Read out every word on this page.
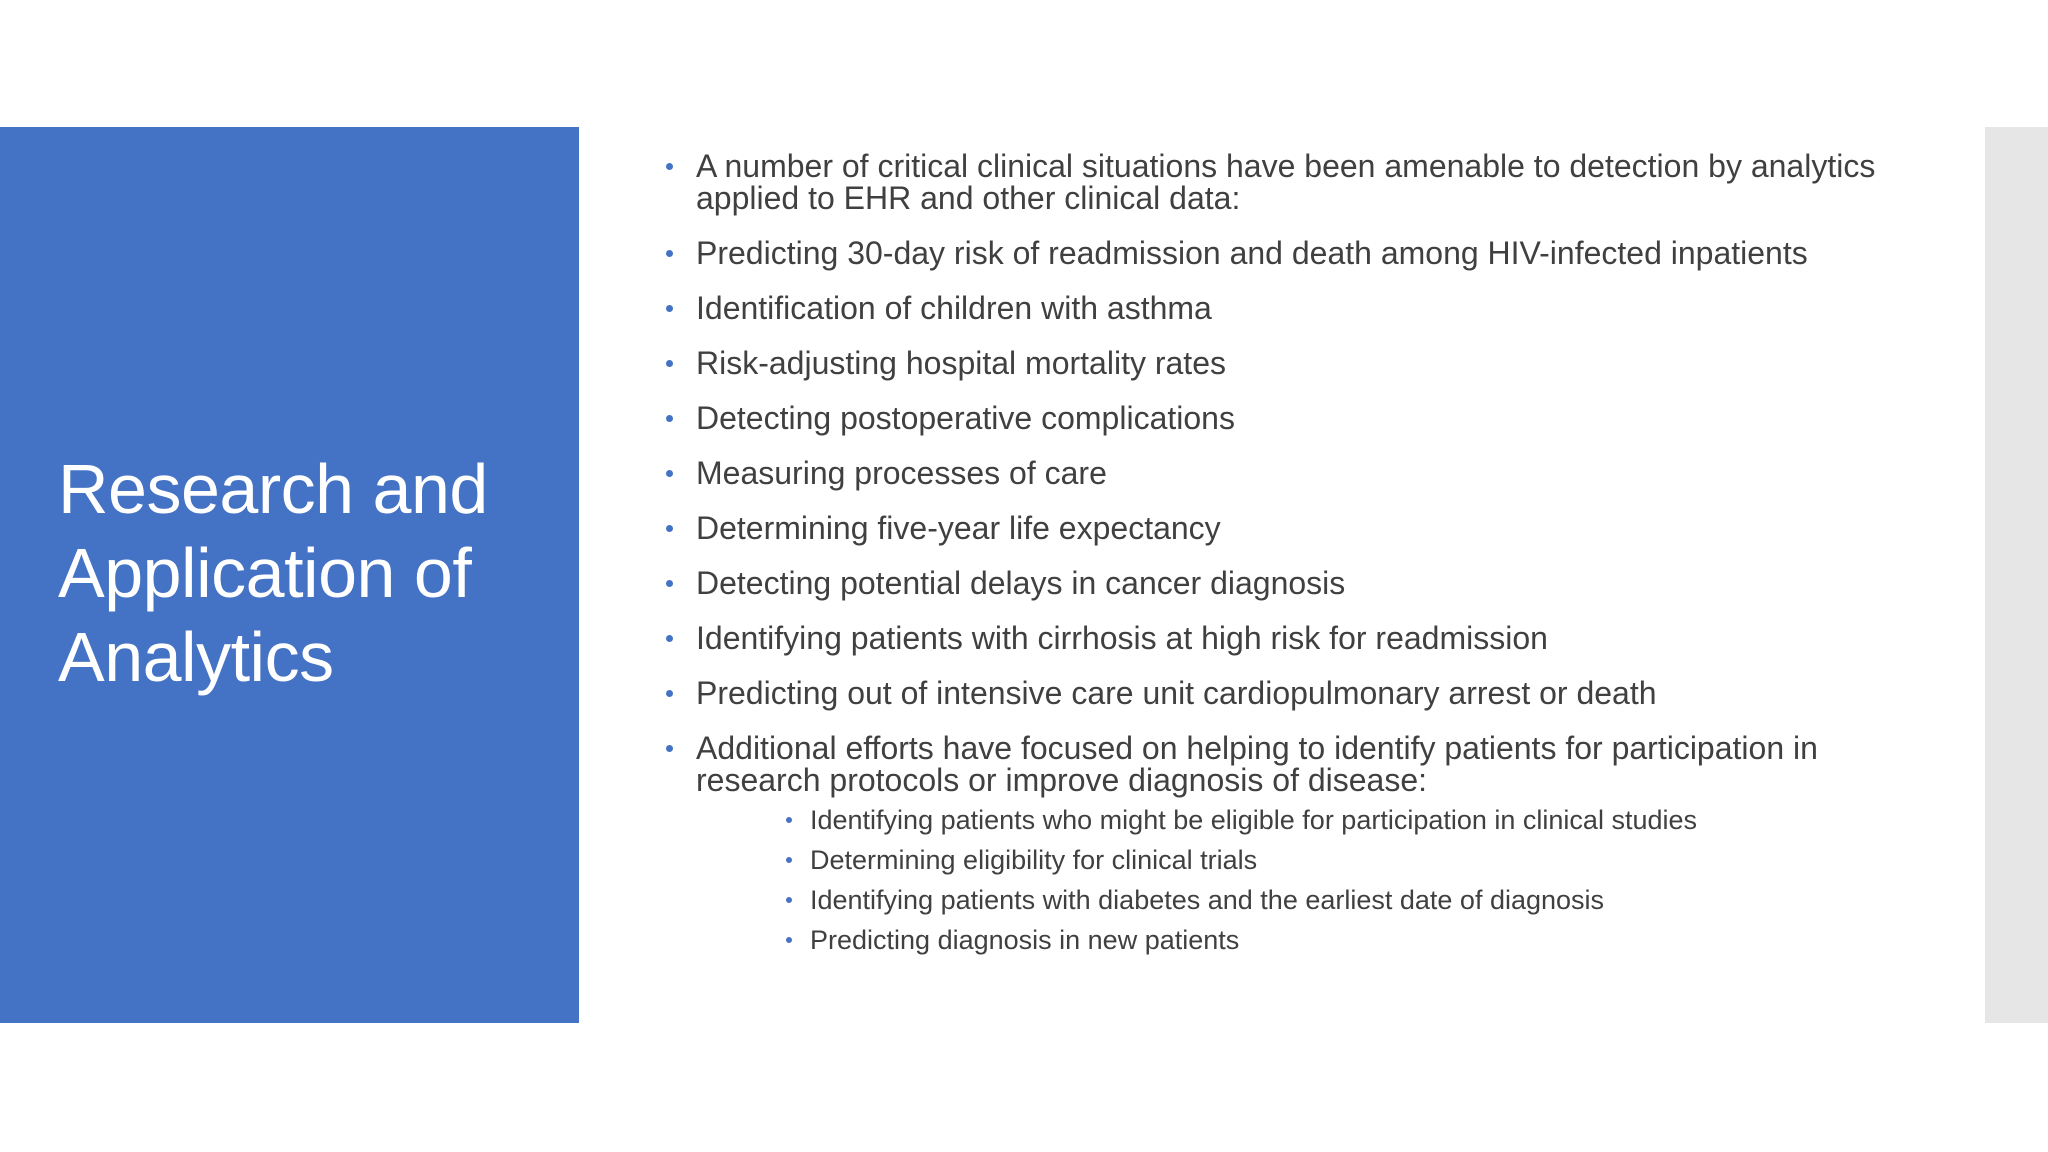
Research and Application of Analytics
A number of critical clinical situations have been amenable to detection by analytics applied to EHR and other clinical data:
Predicting 30-day risk of readmission and death among HIV-infected inpatients
Identification of children with asthma
Risk-adjusting hospital mortality rates
Detecting postoperative complications
Measuring processes of care
Determining five-year life expectancy
Detecting potential delays in cancer diagnosis
Identifying patients with cirrhosis at high risk for readmission
Predicting out of intensive care unit cardiopulmonary arrest or death
Additional efforts have focused on helping to identify patients for participation in research protocols or improve diagnosis of disease:
Identifying patients who might be eligible for participation in clinical studies
Determining eligibility for clinical trials
Identifying patients with diabetes and the earliest date of diagnosis
Predicting diagnosis in new patients
